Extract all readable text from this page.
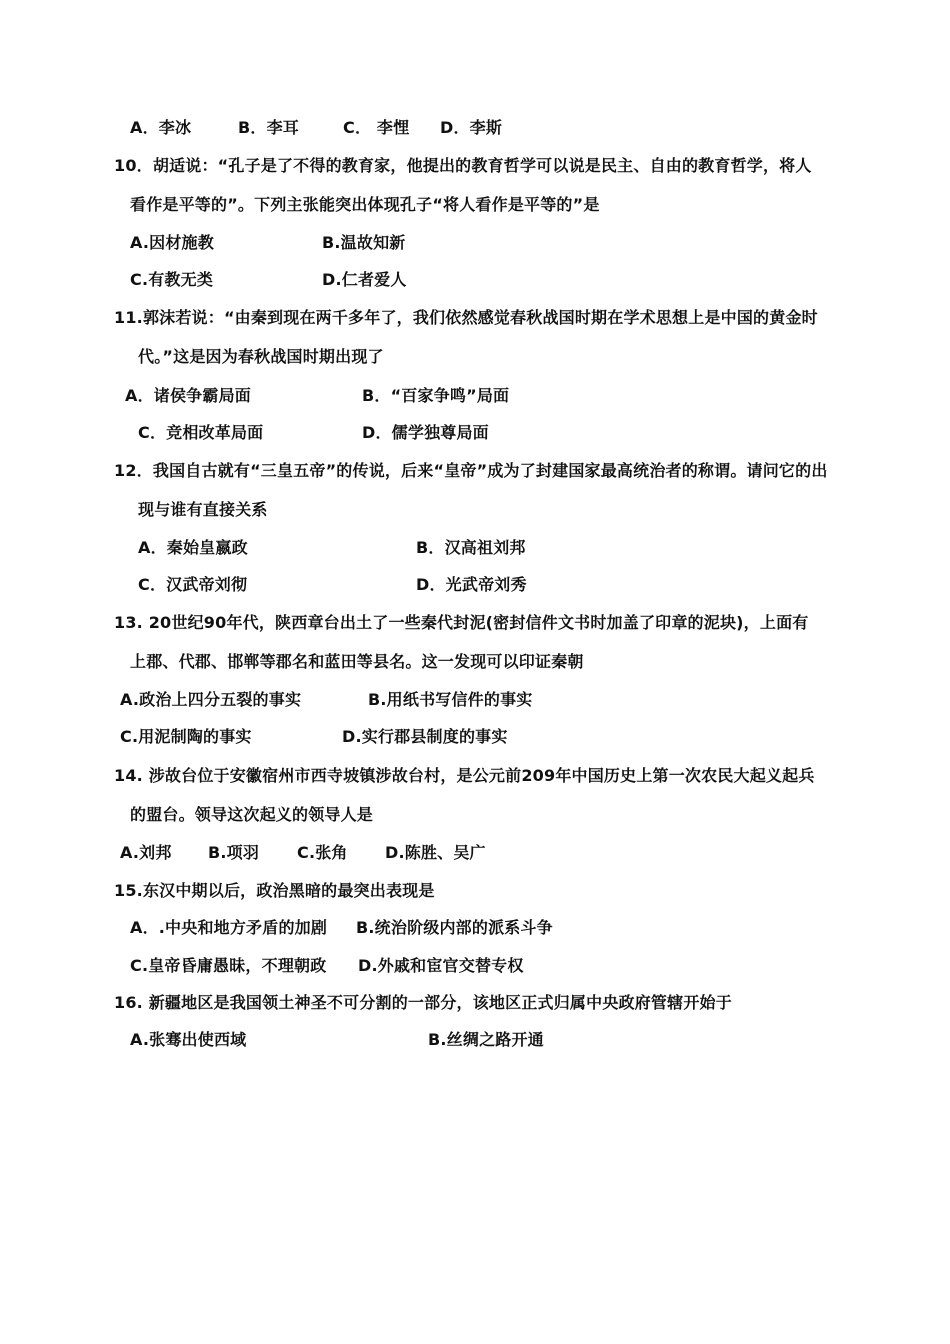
A．李冰	B．李耳	C． 李悝 D．李斯
10．胡适说：“孔子是了不得的教育家，他提出的教育哲学可以说是民主、自由的教育哲学，将人
看作是平等的”。下列主张能突出体现孔子“将人看作是平等的”是
A.因材施教	B.温故知新
C.有教无类	D.仁者爱人
11.郭沫若说：“由秦到现在两千多年了，我们依然感觉春秋战国时期在学术思想上是中国的黄金时
代。”这是因为春秋战国时期出现了
A．诸侯争霸局面	B．“百家争鸣”局面
C．竞相改革局面	D．儒学独尊局面
12．我国自古就有“三皇五帝”的传说，后来“皇帝”成为了封建国家最高统治者的称谓。请问它的出
现与谁有直接关系
A．秦始皇嬴政	B．汉高祖刘邦
C．汉武帝刘彻	D．光武帝刘秀
13. 20世纪90年代，陕西章台出土了一些秦代封泥(密封信件文书时加盖了印章的泥块)，上面有
上郡、代郡、邯郸等郡名和蓝田等县名。这一发现可以印证秦朝
A.政治上四分五裂的事实	B.用纸书写信件的事实
C.用泥制陶的事实	D.实行郡县制度的事实
14. 涉故台位于安徽宿州市西寺坡镇涉故台村，是公元前209年中国历史上第一次农民大起义起兵
的盟台。领导这次起义的领导人是
A.刘邦 B.项羽 C.张角 D.陈胜、吴广
15.东汉中期以后，政治黑暗的最突出表现是
A．.中央和地方矛盾的加剧 B.统治阶级内部的派系斗争
C.皇帝昏庸愚昧，不理朝政 D.外戚和宦官交替专权
16. 新疆地区是我国领土神圣不可分割的一部分，该地区正式归属中央政府管辖开始于
A.张骞出使西域	B.丝绸之路开通
